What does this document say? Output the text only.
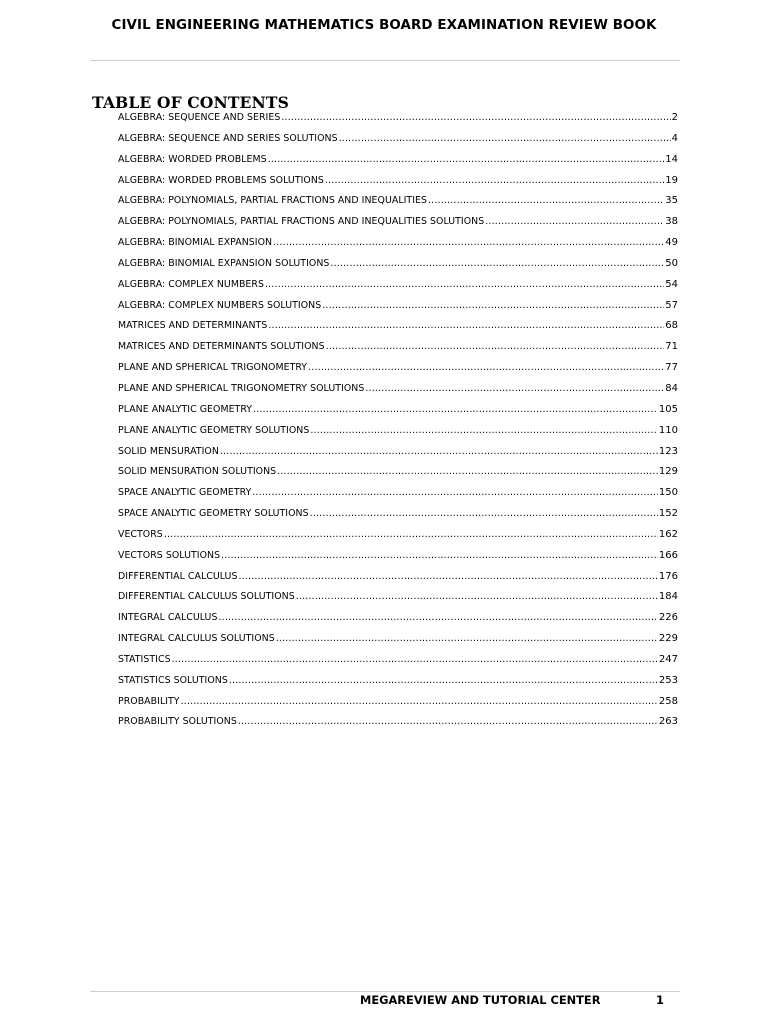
CIVIL ENGINEERING MATHEMATICS BOARD EXAMINATION REVIEW BOOK
TABLE OF CONTENTS
ALGEBRA: SEQUENCE AND SERIES .....	2
ALGEBRA: SEQUENCE AND SERIES SOLUTIONS .....	4
ALGEBRA: WORDED PROBLEMS .....	14
ALGEBRA: WORDED PROBLEMS SOLUTIONS .....	19
ALGEBRA: POLYNOMIALS, PARTIAL FRACTIONS AND INEQUALITIES .....	35
ALGEBRA: POLYNOMIALS, PARTIAL FRACTIONS AND INEQUALITIES SOLUTIONS .....	38
ALGEBRA: BINOMIAL EXPANSION .....	49
ALGEBRA: BINOMIAL EXPANSION SOLUTIONS .....	50
ALGEBRA: COMPLEX NUMBERS .....	54
ALGEBRA: COMPLEX NUMBERS SOLUTIONS .....	57
MATRICES AND DETERMINANTS .....	68
MATRICES AND DETERMINANTS SOLUTIONS .....	71
PLANE AND SPHERICAL TRIGONOMETRY .....	77
PLANE AND SPHERICAL TRIGONOMETRY SOLUTIONS .....	84
PLANE ANALYTIC GEOMETRY .....	105
PLANE ANALYTIC GEOMETRY SOLUTIONS .....	110
SOLID MENSURATION .....	123
SOLID MENSURATION SOLUTIONS .....	129
SPACE ANALYTIC GEOMETRY .....	150
SPACE ANALYTIC GEOMETRY SOLUTIONS .....	152
VECTORS .....	162
VECTORS SOLUTIONS .....	166
DIFFERENTIAL CALCULUS .....	176
DIFFERENTIAL CALCULUS SOLUTIONS .....	184
INTEGRAL CALCULUS .....	226
INTEGRAL CALCULUS SOLUTIONS .....	229
STATISTICS .....	247
STATISTICS SOLUTIONS .....	253
PROBABILITY .....	258
PROBABILITY SOLUTIONS .....	263
MEGAREVIEW AND TUTORIAL CENTER	1
